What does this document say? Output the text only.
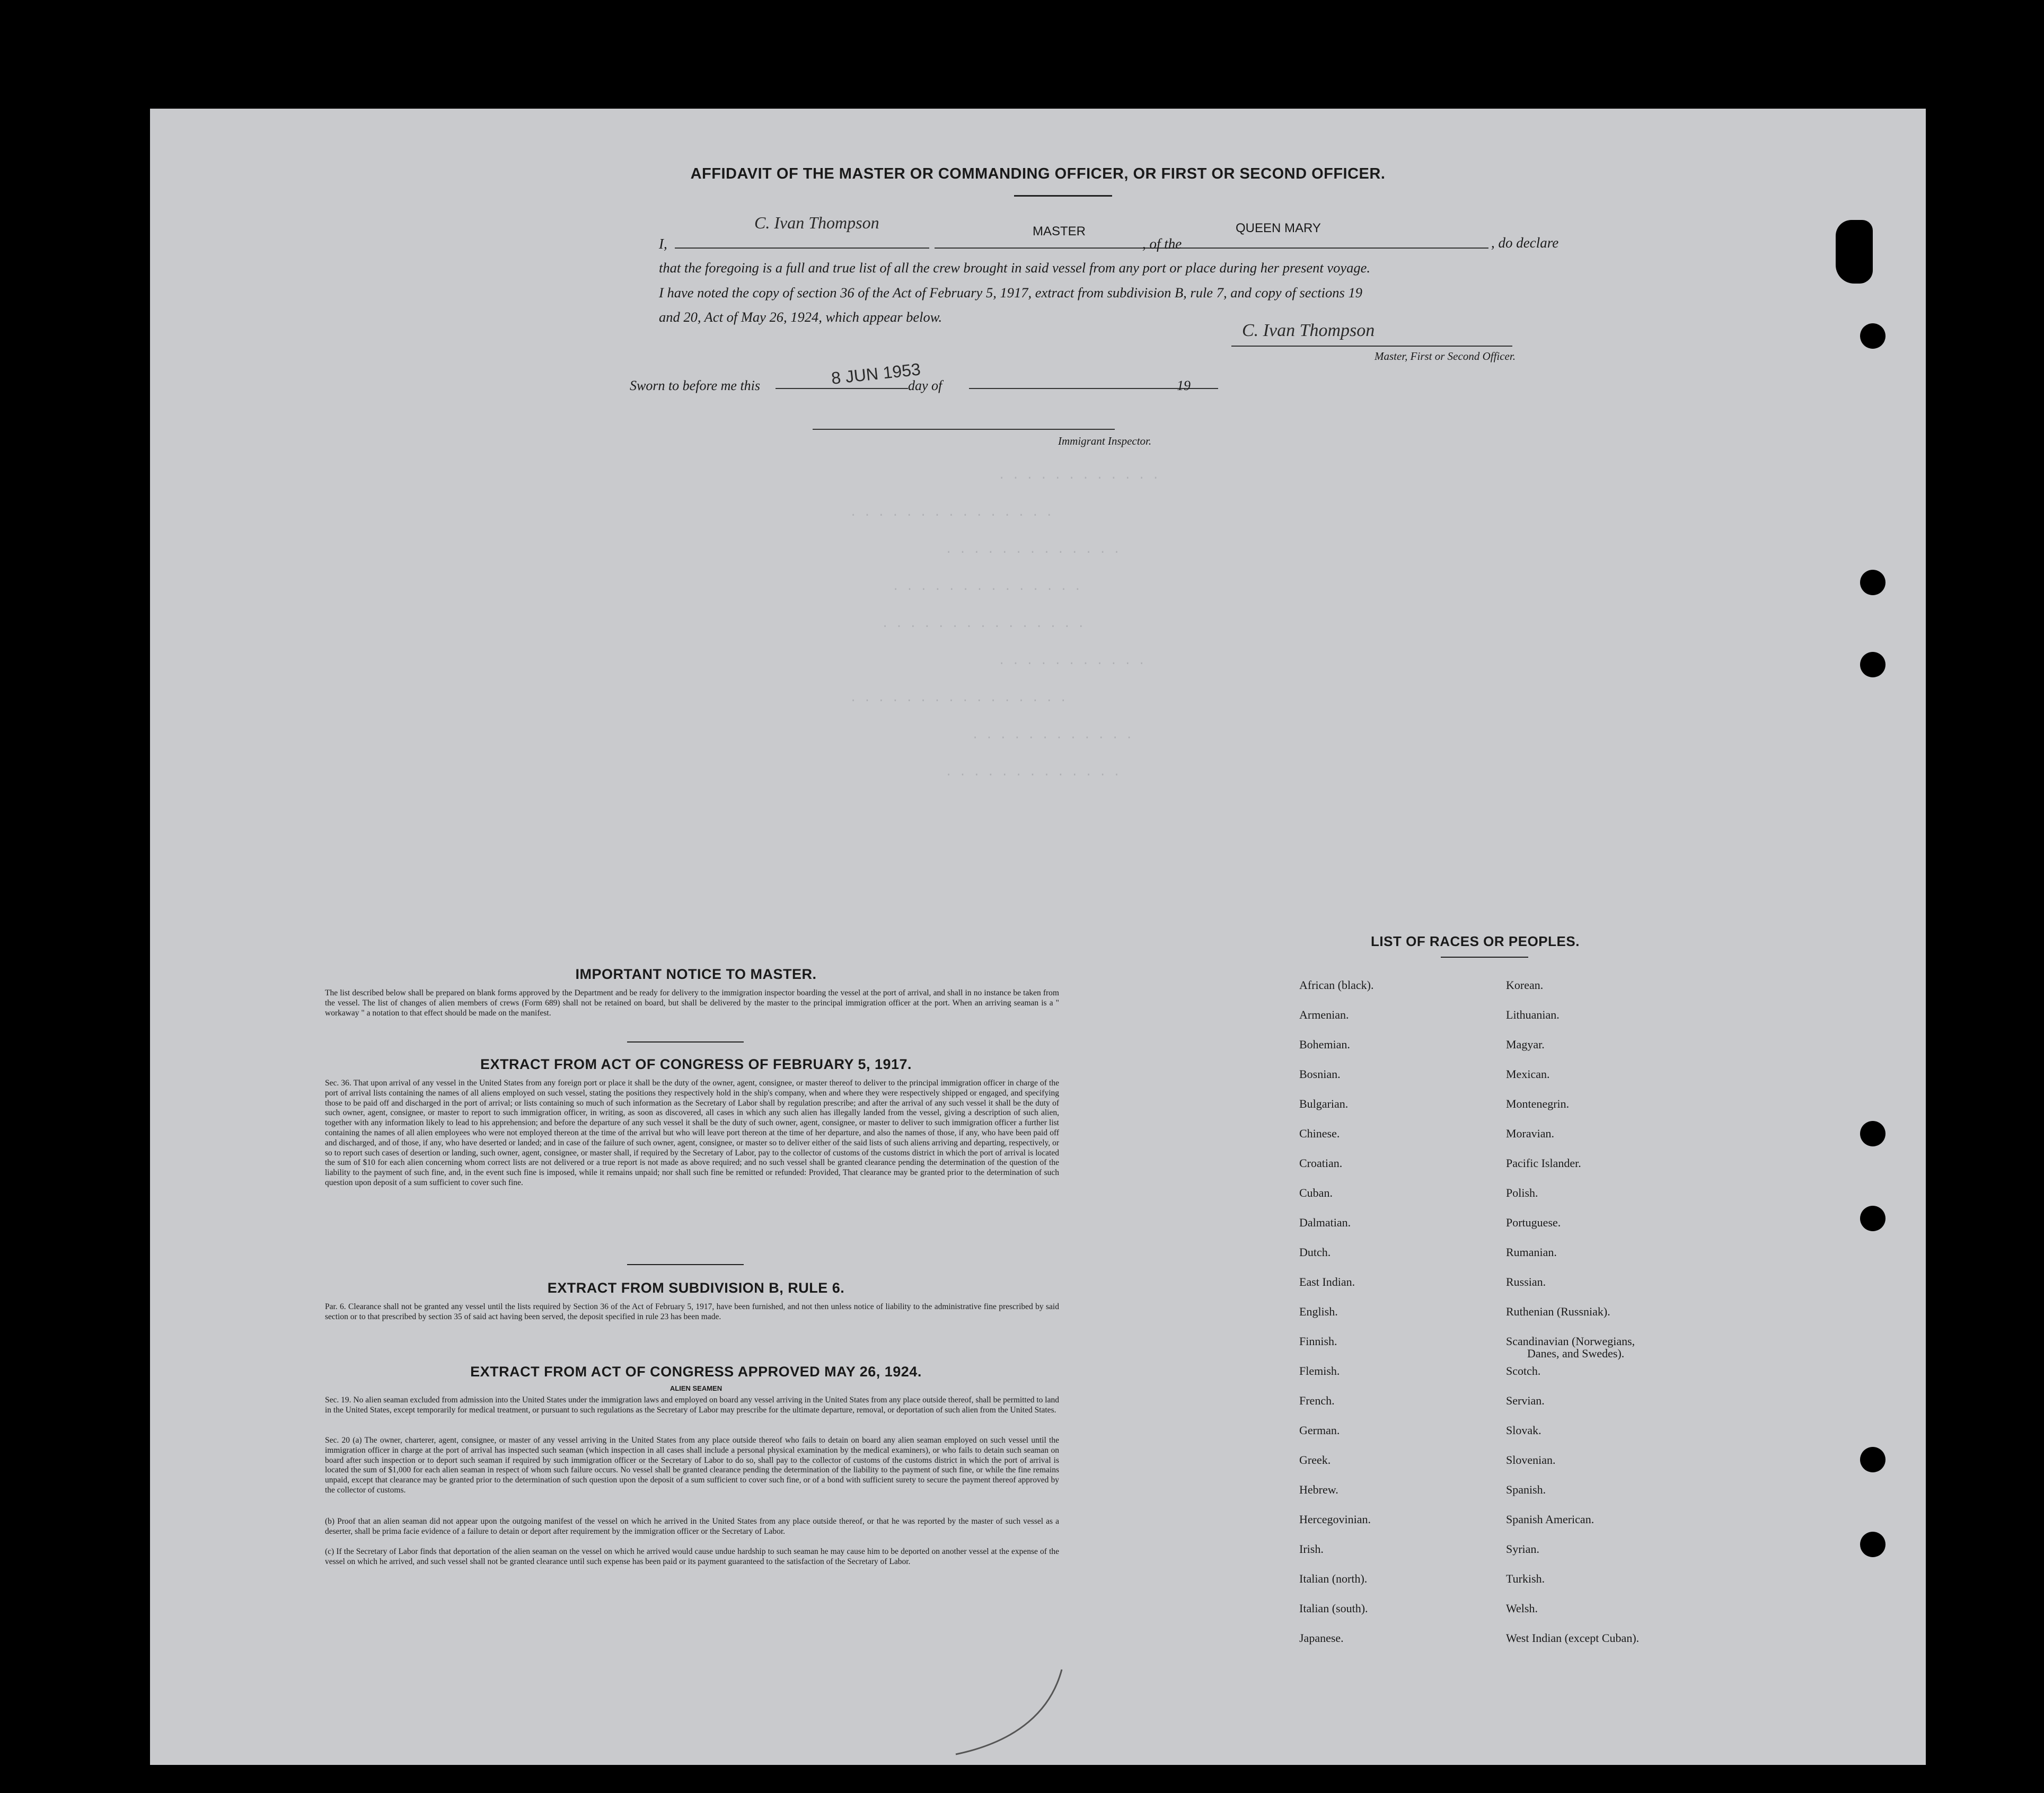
AFFIDAVIT OF THE MASTER OR COMMANDING OFFICER, OR FIRST OR SECOND OFFICER.
I,
C. Ivan Thompson	MASTER
, of the
QUEEN MARY
, do declare
that the foregoing is a full and true list of all the crew brought in said vessel from any port or place during her present voyage.
I have noted the copy of section 36 of the Act of February 5, 1917, extract from subdivision B, rule 7, and copy of sections 19
and 20, Act of May 26, 1924, which appear below.
C. Ivan Thompson
Master, First or Second Officer.
Sworn to before me this	8 JUN 1953
day of	19
Immigrant Inspector.
. . . . . . . . . . . .
. . . . . . . . . . . . . . .
. . . . . . . . . . . . .
. . . . . . . . . . . . . .
. . . . . . . . . . . . . . .
. . . . . . . . . . .
. . . . . . . . . . . . . . . .
. . . . . . . . . . . .
. . . . . . . . . . . . .
IMPORTANT NOTICE TO MASTER.
The list described below shall be prepared on blank forms approved by the Department and be ready for delivery to the immigration inspector boarding the vessel at the port of arrival, and shall in no instance be taken from the vessel. The list of changes of alien members of crews (Form 689) shall not be retained on board, but shall be delivered by the master to the principal immigration officer at the port. When an arriving seaman is a " workaway " a notation to that effect should be made on the manifest.
EXTRACT FROM ACT OF CONGRESS OF FEBRUARY 5, 1917.
Sec. 36. That upon arrival of any vessel in the United States from any foreign port or place it shall be the duty of the owner, agent, consignee, or master thereof to deliver to the principal immigration officer in charge of the port of arrival lists containing the names of all aliens employed on such vessel, stating the positions they respectively hold in the ship's company, when and where they were respectively shipped or engaged, and specifying those to be paid off and discharged in the port of arrival; or lists containing so much of such information as the Secretary of Labor shall by regulation prescribe; and after the arrival of any such vessel it shall be the duty of such owner, agent, consignee, or master to report to such immigration officer, in writing, as soon as discovered, all cases in which any such alien has illegally landed from the vessel, giving a description of such alien, together with any information likely to lead to his apprehension; and before the departure of any such vessel it shall be the duty of such owner, agent, consignee, or master to deliver to such immigration officer a further list containing the names of all alien employees who were not employed thereon at the time of the arrival but who will leave port thereon at the time of her departure, and also the names of those, if any, who have been paid off and discharged, and of those, if any, who have deserted or landed; and in case of the failure of such owner, agent, consignee, or master so to deliver either of the said lists of such aliens arriving and departing, respectively, or so to report such cases of desertion or landing, such owner, agent, consignee, or master shall, if required by the Secretary of Labor, pay to the collector of customs of the customs district in which the port of arrival is located the sum of $10 for each alien concerning whom correct lists are not delivered or a true report is not made as above required; and no such vessel shall be granted clearance pending the determination of the question of the liability to the payment of such fine, and, in the event such fine is imposed, while it remains unpaid; nor shall such fine be remitted or refunded: Provided, That clearance may be granted prior to the determination of such question upon deposit of a sum sufficient to cover such fine.
EXTRACT FROM SUBDIVISION B, RULE 6.
Par. 6. Clearance shall not be granted any vessel until the lists required by Section 36 of the Act of February 5, 1917, have been furnished, and not then unless notice of liability to the administrative fine prescribed by said section or to that prescribed by section 35 of said act having been served, the deposit specified in rule 23 has been made.
EXTRACT FROM ACT OF CONGRESS APPROVED MAY 26, 1924.
ALIEN SEAMEN
Sec. 19. No alien seaman excluded from admission into the United States under the immigration laws and employed on board any vessel arriving in the United States from any place outside thereof, shall be permitted to land in the United States, except temporarily for medical treatment, or pursuant to such regulations as the Secretary of Labor may prescribe for the ultimate departure, removal, or deportation of such alien from the United States.
Sec. 20 (a) The owner, charterer, agent, consignee, or master of any vessel arriving in the United States from any place outside thereof who fails to detain on board any alien seaman employed on such vessel until the immigration officer in charge at the port of arrival has inspected such seaman (which inspection in all cases shall include a personal physical examination by the medical examiners), or who fails to detain such seaman on board after such inspection or to deport such seaman if required by such immigration officer or the Secretary of Labor to do so, shall pay to the collector of customs of the customs district in which the port of arrival is located the sum of $1,000 for each alien seaman in respect of whom such failure occurs. No vessel shall be granted clearance pending the determination of the liability to the payment of such fine, or while the fine remains unpaid, except that clearance may be granted prior to the determination of such question upon the deposit of a sum sufficient to cover such fine, or of a bond with sufficient surety to secure the payment thereof approved by the collector of customs.
(b) Proof that an alien seaman did not appear upon the outgoing manifest of the vessel on which he arrived in the United States from any place outside thereof, or that he was reported by the master of such vessel as a deserter, shall be prima facie evidence of a failure to detain or deport after requirement by the immigration officer or the Secretary of Labor.
(c) If the Secretary of Labor finds that deportation of the alien seaman on the vessel on which he arrived would cause undue hardship to such seaman he may cause him to be deported on another vessel at the expense of the vessel on which he arrived, and such vessel shall not be granted clearance until such expense has been paid or its payment guaranteed to the satisfaction of the Secretary of Labor.
LIST OF RACES OR PEOPLES.
African (black).
Armenian.
Bohemian.
Bosnian.
Bulgarian.
Chinese.
Croatian.
Cuban.
Dalmatian.
Dutch.
East Indian.
English.
Finnish.
Flemish.
French.
German.
Greek.
Hebrew.
Hercegovinian.
Irish.
Italian (north).
Italian (south).
Japanese.
Korean.
Lithuanian.
Magyar.
Mexican.
Montenegrin.
Moravian.
Pacific Islander.
Polish.
Portuguese.
Rumanian.
Russian.
Ruthenian (Russniak).
Scandinavian (Norwegians,
Danes, and Swedes).
Scotch.
Servian.
Slovak.
Slovenian.
Spanish.
Spanish American.
Syrian.
Turkish.
Welsh.
West Indian (except Cuban).
